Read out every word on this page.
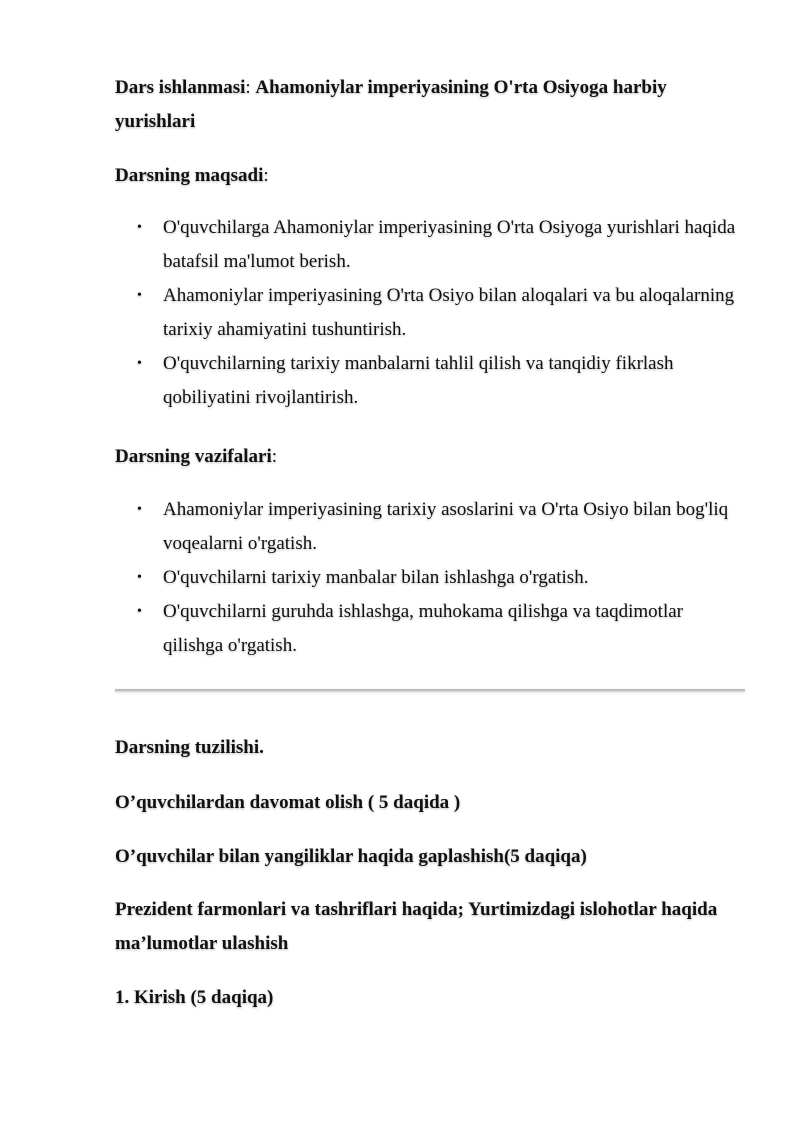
Dars ishlanmasi: Ahamoniylar imperiyasining O'rta Osiyoga harbiy yurishlari

Darsning maqsadi:

• O'quvchilarga Ahamoniylar imperiyasining O'rta Osiyoga yurishlari haqida batafsil ma'lumot berish.
• Ahamoniylar imperiyasining O'rta Osiyo bilan aloqalari va bu aloqalarning tarixiy ahamiyatini tushuntirish.
• O'quvchilarning tarixiy manbalarni tahlil qilish va tanqidiy fikrlash qobiliyatini rivojlantirish.

Darsning vazifalari:

• Ahamoniylar imperiyasining tarixiy asoslarini va O'rta Osiyo bilan bog'liq voqealarni o'rgatish.
• O'quvchilarni tarixiy manbalar bilan ishlashga o'rgatish.
• O'quvchilarni guruhda ishlashga, muhokama qilishga va taqdimotlar qilishga o'rgatish.

Darsning tuzilishi.

O’quvchilardan davomat olish ( 5 daqida )

O’quvchilar bilan yangiliklar haqida gaplashish(5 daqiqa)

Prezident farmonlari va tashriflari haqida; Yurtimizdagi islohotlar haqida ma’lumotlar ulashish

1. Kirish (5 daqiqa)
